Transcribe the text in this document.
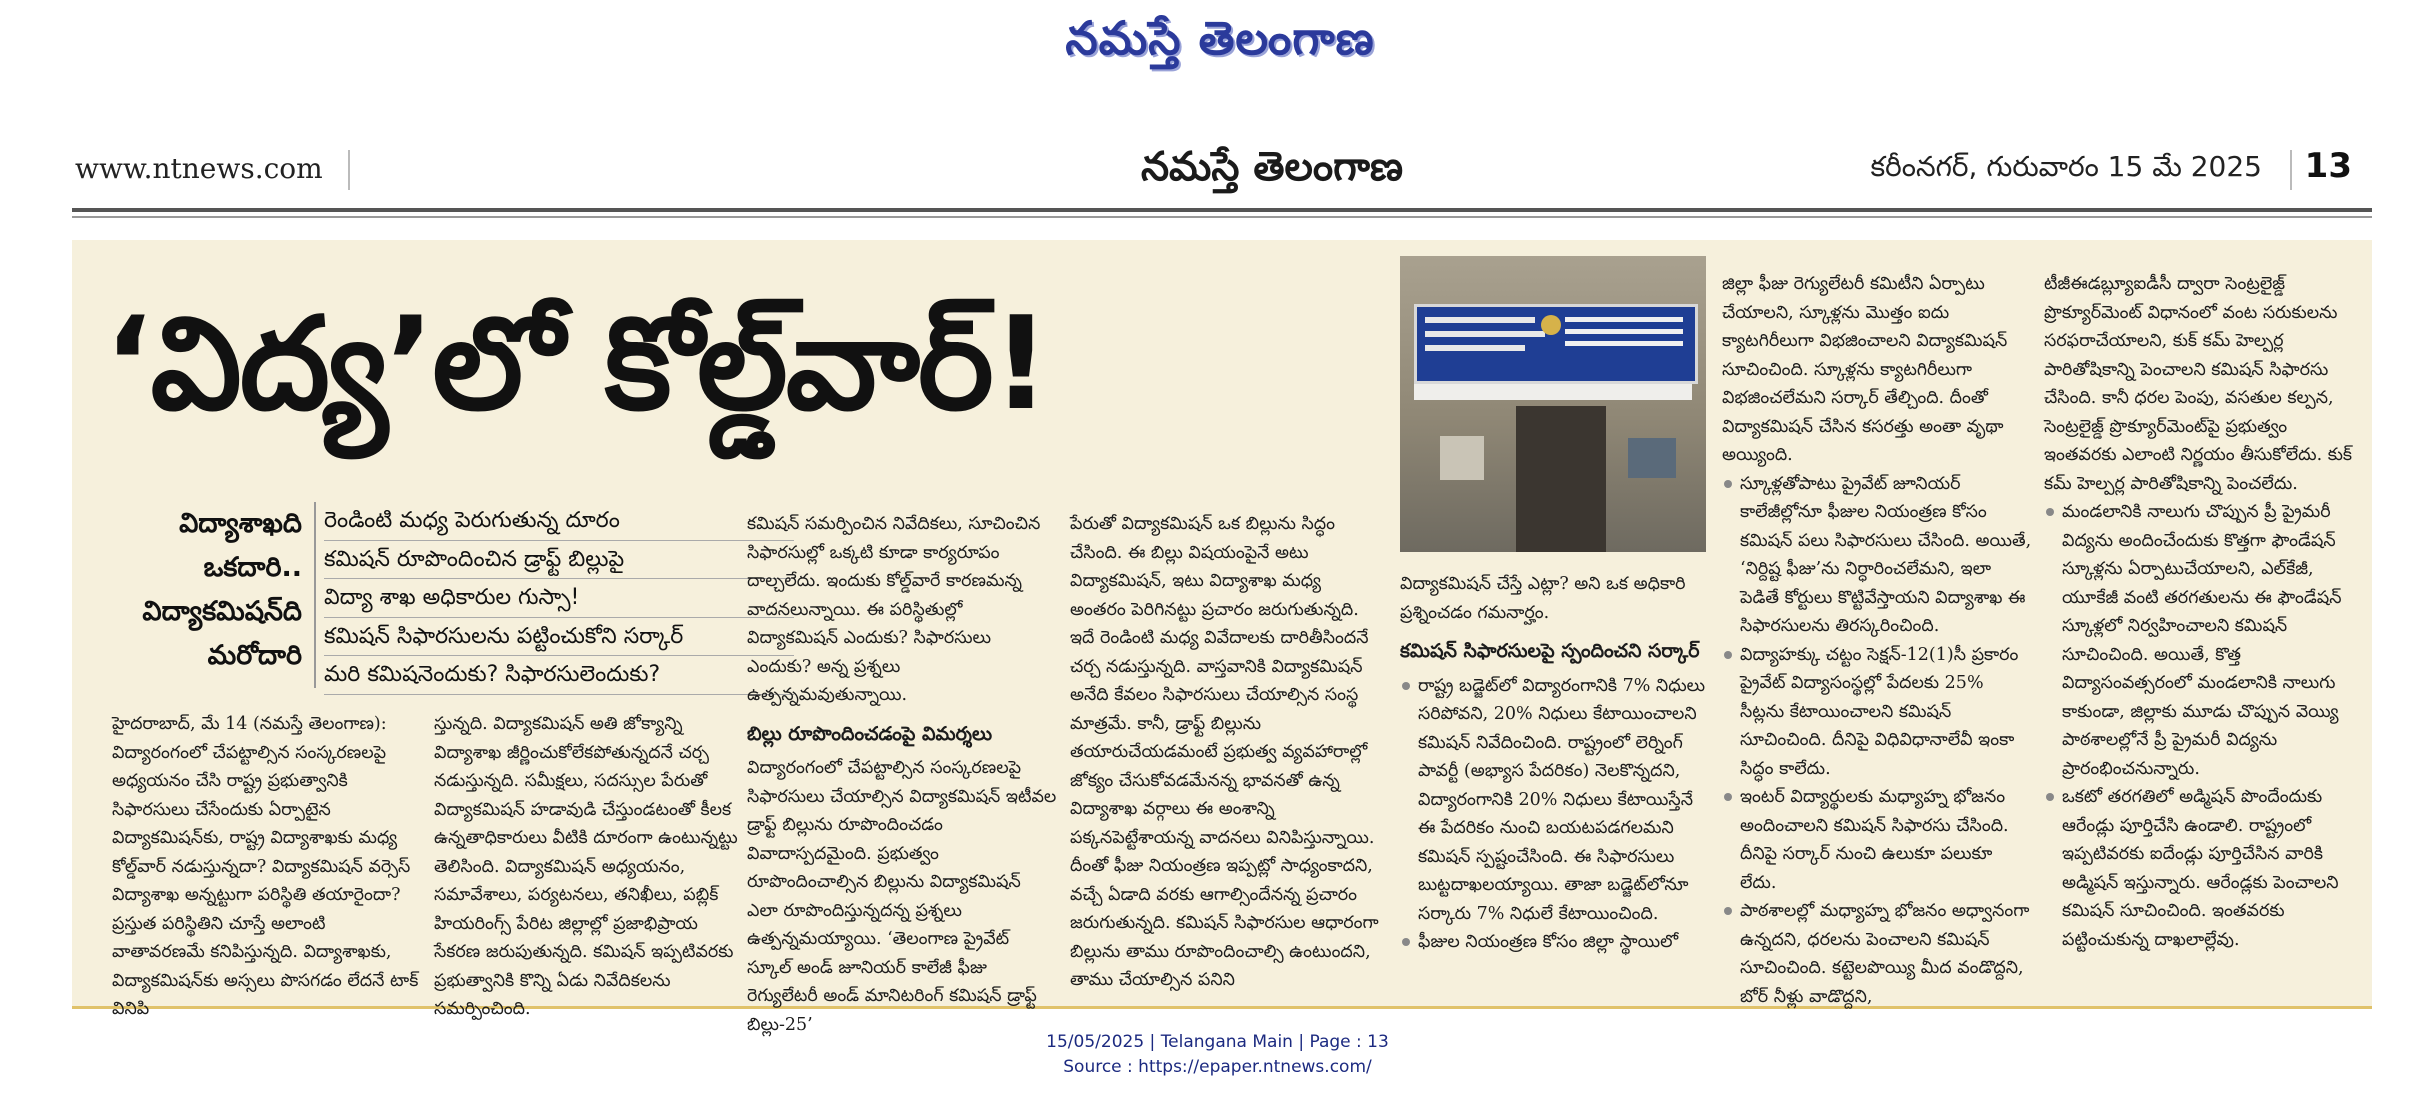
నమస్తే తెలంగాణ
www.ntnews.com	నమస్తే తెలంగాణ	కరీంనగర్, గురువారం 15 మే 2025 13
‘విద్య’లో కోల్డ్‌వార్!
విద్యాశాఖది
ఒకదారి..
విద్యాకమిషన్‌ది
మరోదారి
రెండింటి మధ్య పెరుగుతున్న దూరం
కమిషన్ రూపొందించిన డ్రాఫ్ట్ బిల్లుపై
విద్యా శాఖ అధికారుల గుస్సా!
కమిషన్ సిఫారసులను పట్టించుకోని సర్కార్
మరి కమిషనెందుకు? సిఫారసులెందుకు?

హైదరాబాద్, మే 14 (నమస్తే తెలంగాణ): విద్యారంగంలో చేపట్టాల్సిన సంస్కరణలపై అధ్యయనం చేసి రాష్ట్ర ప్రభుత్వానికి సిఫారసులు చేసేందుకు ఏర్పాటైన విద్యాకమిషన్‌కు, రాష్ట్ర విద్యాశాఖకు మధ్య కోల్డ్‌వార్ నడుస్తున్నదా? విద్యాకమిషన్ వర్సెస్ విద్యాశాఖ అన్నట్టుగా పరిస్థితి తయారైందా? ప్రస్తుత పరిస్థితిని చూస్తే అలాంటి వాతావరణమే కనిపిస్తున్నది. విద్యాశాఖకు, విద్యాకమిషన్‌కు అస్సలు పొసగడం లేదనే టాక్ వినిపి

స్తున్నది. విద్యాకమిషన్ అతి జోక్యాన్ని విద్యాశాఖ జీర్ణించుకోలేకపోతున్నదనే చర్చ నడుస్తున్నది. సమీక్షలు, సదస్సుల పేరుతో విద్యాకమిషన్ హడావుడి చేస్తుండటంతో కీలక ఉన్నతాధికారులు వీటికి దూరంగా ఉంటున్నట్టు తెలిసింది. విద్యాకమిషన్ అధ్యయనం, సమావేశాలు, పర్యటనలు, తనిఖీలు, పబ్లిక్ హియరింగ్స్ పేరిట జిల్లాల్లో ప్రజాభిప్రాయ సేకరణ జరుపుతున్నది. కమిషన్ ఇప్పటివరకు ప్రభుత్వానికి కొన్ని ఏడు నివేదికలను సమర్పించింది.

కమిషన్ సమర్పించిన నివేదికలు, సూచించిన సిఫారసుల్లో ఒక్కటి కూడా కార్యరూపం దాల్చలేదు. ఇందుకు కోల్డ్‌వారే కారణమన్న వాదనలున్నాయి. ఈ పరిస్థితుల్లో విద్యాకమిషన్ ఎందుకు? సిఫారసులు ఎందుకు? అన్న ప్రశ్నలు ఉత్పన్నమవుతున్నాయి.

బిల్లు రూపొందించడంపై విమర్శలు

విద్యారంగంలో చేపట్టాల్సిన సంస్కరణలపై సిఫారసులు చేయాల్సిన విద్యాకమిషన్ ఇటీవల డ్రాఫ్ట్ బిల్లును రూపొందించడం వివాదాస్పదమైంది. ప్రభుత్వం రూపొందించాల్సిన బిల్లును విద్యాకమిషన్ ఎలా రూపొందిస్తున్నదన్న ప్రశ్నలు ఉత్పన్నమయ్యాయి. ‘తెలంగాణ ప్రైవేట్ స్కూల్ అండ్ జూనియర్ కాలేజీ ఫీజు రెగ్యులేటరీ అండ్ మానిటరింగ్ కమిషన్ డ్రాఫ్ట్ బిల్లు-25’

పేరుతో విద్యాకమిషన్ ఒక బిల్లును సిద్ధం చేసింది. ఈ బిల్లు విషయంపైనే అటు విద్యాకమిషన్, ఇటు విద్యాశాఖ మధ్య అంతరం పెరిగినట్టు ప్రచారం జరుగుతున్నది. ఇదే రెండింటి మధ్య వివేదాలకు దారితీసిందనే చర్చ నడుస్తున్నది. వాస్తవానికి విద్యాకమిషన్ అనేది కేవలం సిఫారసులు చేయాల్సిన సంస్థ మాత్రమే. కానీ, డ్రాఫ్ట్ బిల్లును తయారుచేయడమంటే ప్రభుత్వ వ్యవహారాల్లో జోక్యం చేసుకోవడమేనన్న భావనతో ఉన్న విద్యాశాఖ వర్గాలు ఈ అంశాన్ని పక్కనపెట్టేశాయన్న వాదనలు వినిపిస్తున్నాయి. దీంతో ఫీజు నియంత్రణ ఇప్పట్లో సాధ్యంకాదని, వచ్చే ఏడాది వరకు ఆగాల్సిందేనన్న ప్రచారం జరుగుతున్నది. కమిషన్ సిఫారసుల ఆధారంగా బిల్లును తాము రూపొందించాల్సి ఉంటుందని, తాము చేయాల్సిన పనిని

విద్యాకమిషన్ చేస్తే ఎట్లా? అని ఒక అధికారి ప్రశ్నించడం గమనార్హం.

కమిషన్ సిఫారసులపై స్పందించని సర్కార్

రాష్ట్ర బడ్జెట్‌లో విద్యారంగానికి 7% నిధులు సరిపోవని, 20% నిధులు కేటాయించాలని కమిషన్ నివేదించింది. రాష్ట్రంలో లెర్నింగ్ పావర్టీ (అభ్యాస పేదరికం) నెలకొన్నదని, విద్యారంగానికి 20% నిధులు కేటాయిస్తేనే ఈ పేదరికం నుంచి బయటపడగలమని కమిషన్ స్పష్టంచేసింది. ఈ సిఫారసులు బుట్టదాఖలయ్యాయి. తాజా బడ్జెట్‌లోనూ సర్కారు 7% నిధులే కేటాయించింది.

ఫీజుల నియంత్రణ కోసం జిల్లా స్థాయిలో

జిల్లా ఫీజు రెగ్యులేటరీ కమిటీని ఏర్పాటు చేయాలని, స్కూళ్లను మొత్తం ఐదు క్యాటగిరీలుగా విభజించాలని విద్యాకమిషన్ సూచించింది. స్కూళ్లను క్యాటగిరీలుగా విభజించలేమని సర్కార్ తేల్చింది. దీంతో విద్యాకమిషన్ చేసిన కసరత్తు అంతా వృథా అయ్యింది.

స్కూళ్లతోపాటు ప్రైవేట్ జూనియర్ కాలేజీల్లోనూ ఫీజుల నియంత్రణ కోసం కమిషన్ పలు సిఫారసులు చేసింది. అయితే, ‘నిర్దిష్ట ఫీజు’ను నిర్ధారించలేమని, ఇలా పెడితే కోర్టులు కొట్టివేస్తాయని విద్యాశాఖ ఈ సిఫారసులను తిరస్కరించింది.

విద్యాహక్కు చట్టం సెక్షన్-12(1)సీ ప్రకారం ప్రైవేట్ విద్యాసంస్థల్లో పేదలకు 25% సీట్లను కేటాయించాలని కమిషన్ సూచించింది. దీనిపై విధివిధానాలేవీ ఇంకా సిద్ధం కాలేదు.

ఇంటర్ విద్యార్థులకు మధ్యాహ్న భోజనం అందించాలని కమిషన్ సిఫారసు చేసింది. దీనిపై సర్కార్ నుంచి ఉలుకూ పలుకూ లేదు.

పాఠశాలల్లో మధ్యాహ్న భోజనం అధ్వానంగా ఉన్నదని, ధరలను పెంచాలని కమిషన్ సూచించింది. కట్టెలపొయ్యి మీద వండొద్దని, బోర్ నీళ్లు వాడొద్దని,

టీజీఈడబ్ల్యూఐడీసీ ద్వారా సెంట్రలైజ్డ్ ప్రొక్యూర్‌మెంట్ విధానంలో వంట సరుకులను సరఫరాచేయాలని, కుక్ కమ్ హెల్పర్ల పారితోషికాన్ని పెంచాలని కమిషన్ సిఫారసు చేసింది. కానీ ధరల పెంపు, వసతుల కల్పన, సెంట్రలైజ్డ్ ప్రొక్యూర్‌మెంట్‌పై ప్రభుత్వం ఇంతవరకు ఎలాంటి నిర్ణయం తీసుకోలేదు. కుక్ కమ్ హెల్పర్ల పారితోషికాన్ని పెంచలేదు.

మండలానికి నాలుగు చొప్పున ప్రీ ప్రైమరీ విద్యను అందించేందుకు కొత్తగా ఫౌండేషన్ స్కూళ్లను ఏర్పాటుచేయాలని, ఎల్‌కేజీ, యూకేజీ వంటి తరగతులను ఈ ఫౌండేషన్ స్కూళ్లలో నిర్వహించాలని కమిషన్ సూచించింది. అయితే, కొత్త విద్యాసంవత్సరంలో మండలానికి నాలుగు కాకుండా, జిల్లాకు మూడు చొప్పున వెయ్యి పాఠశాలల్లోనే ప్రీ ప్రైమరీ విద్యను ప్రారంభించనున్నారు.

ఒకటో తరగతిలో అడ్మిషన్ పొందేందుకు ఆరేండ్లు పూర్తిచేసి ఉండాలి. రాష్ట్రంలో ఇప్పటివరకు ఐదేండ్లు పూర్తిచేసిన వారికి అడ్మిషన్ ఇస్తున్నారు. ఆరేండ్లకు పెంచాలని కమిషన్ సూచించింది. ఇంతవరకు పట్టించుకున్న దాఖలాల్లేవు.

15/05/2025 | Telangana Main | Page : 13
Source : https://epaper.ntnews.com/
